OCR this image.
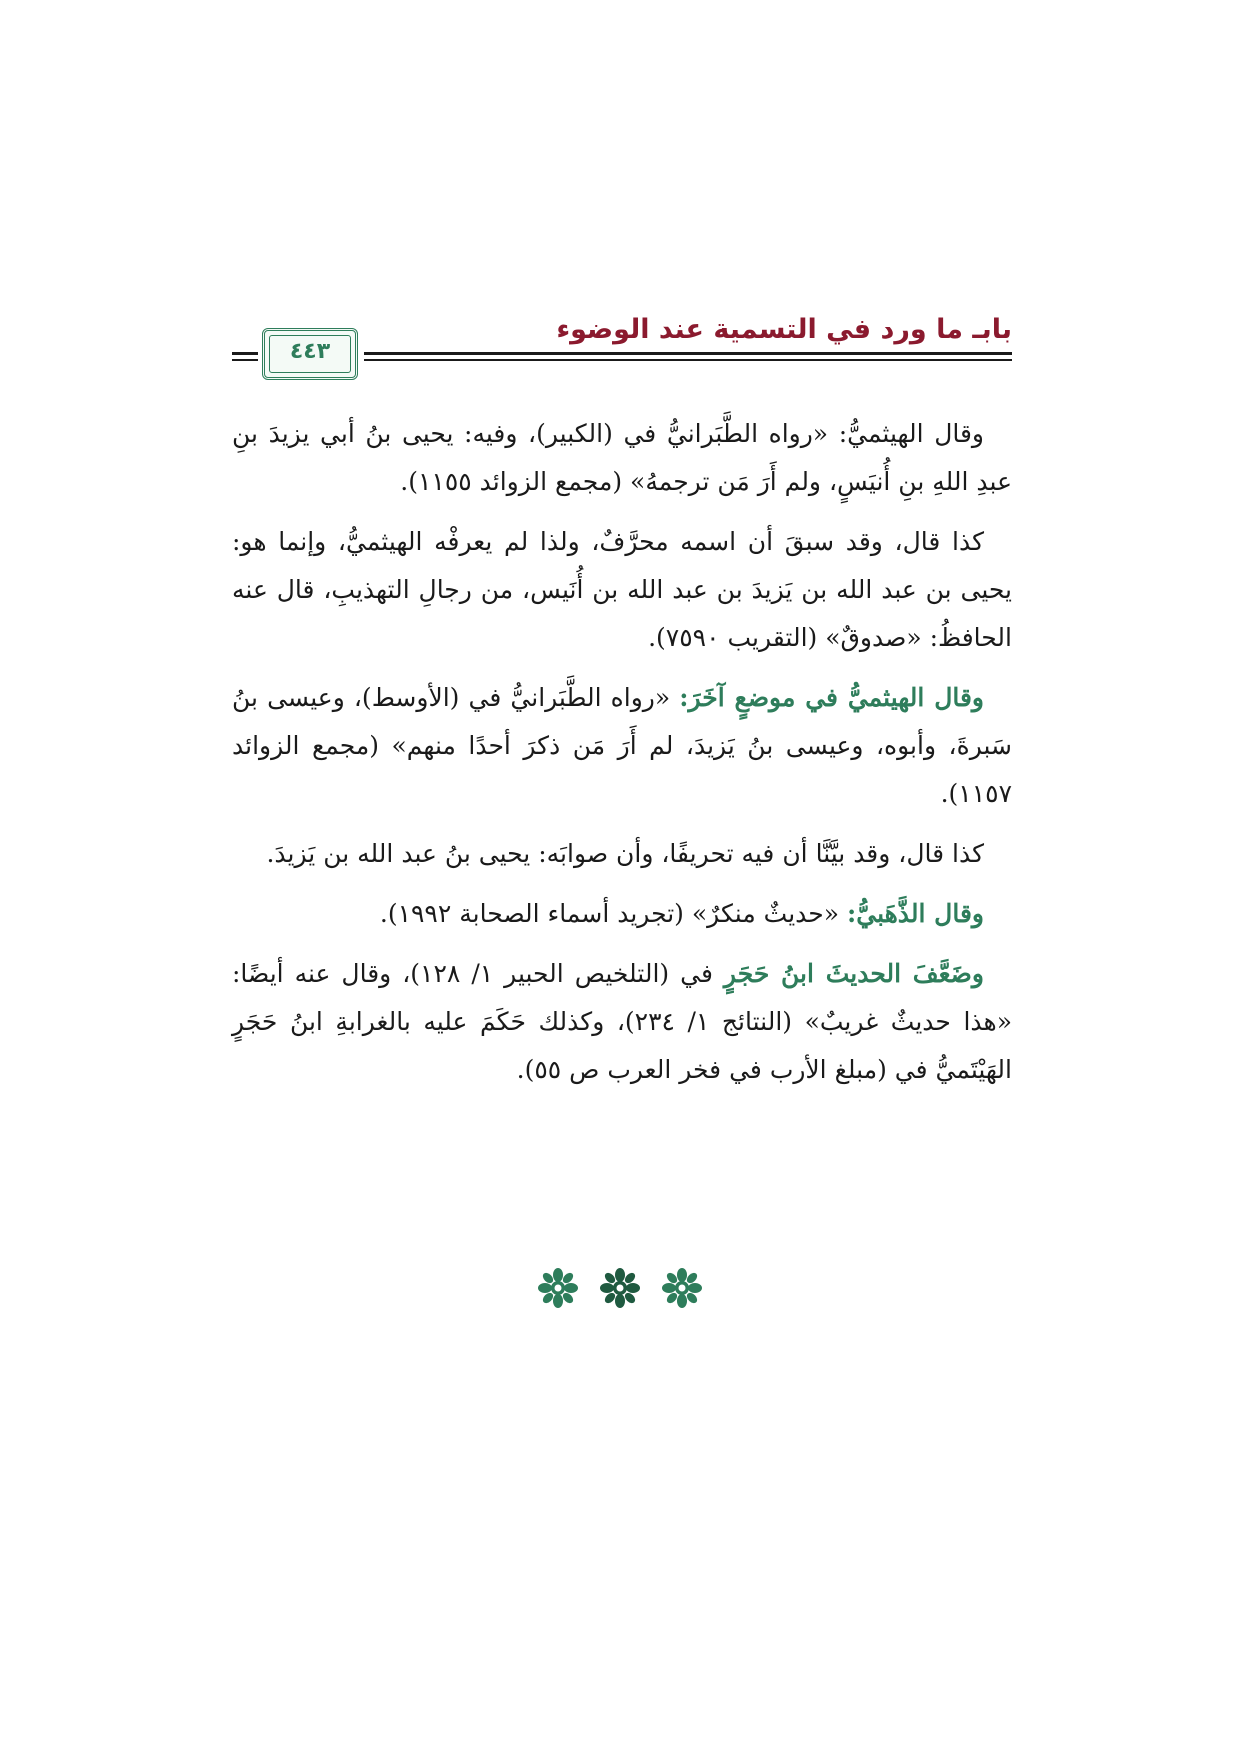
بابـ ما ورد في التسمية عند الوضوء
٤٤٣

وقال الهيثميُّ: «رواه الطَّبَرانيُّ في (الكبير)، وفيه: يحيى بنُ أبي يزيدَ بنِ عبدِ اللهِ بنِ أُنيَسٍ، ولم أَرَ مَن ترجمهُ» (مجمع الزوائد ١١٥٥).

كذا قال، وقد سبقَ أن اسمه محرَّفٌ، ولذا لم يعرفْه الهيثميُّ، وإنما هو: يحيى بن عبد الله بن يَزيدَ بن عبد الله بن أُنَيس، من رجالِ التهذيبِ، قال عنه الحافظُ: «صدوقٌ» (التقريب ٧٥٩٠).

وقال الهيثميُّ في موضعٍ آخَرَ: «رواه الطَّبَرانيُّ في (الأوسط)، وعيسى بنُ سَبرةَ، وأبوه، وعيسى بنُ يَزيدَ، لم أَرَ مَن ذكرَ أحدًا منهم» (مجمع الزوائد ١١٥٧).

كذا قال، وقد بيَّنَّا أن فيه تحريفًا، وأن صوابَه: يحيى بنُ عبد الله بن يَزيدَ.

وقال الذَّهَبيُّ: «حديثٌ منكرٌ» (تجريد أسماء الصحابة ١٩٩٢).

وضَعَّفَ الحديثَ ابنُ حَجَرٍ في (التلخيص الحبير ١/ ١٢٨)، وقال عنه أيضًا: «هذا حديثٌ غريبٌ» (النتائج ١/ ٢٣٤)، وكذلك حَكَمَ عليه بالغرابةِ ابنُ حَجَرٍ الهَيْتَميُّ في (مبلغ الأرب في فخر العرب ص ٥٥).
